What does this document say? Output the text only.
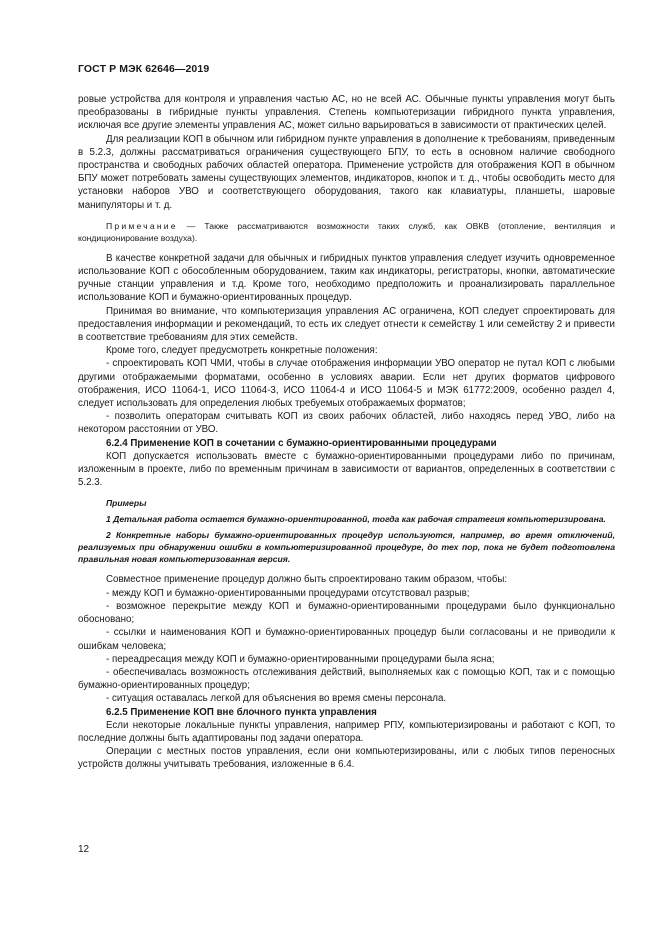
ГОСТ Р МЭК 62646—2019

ровые устройства для контроля и управления частью АС, но не всей АС. Обычные пункты управления могут быть преобразованы в гибридные пункты управления. Степень компьютеризации гибридного пункта управления, исключая все другие элементы управления АС, может сильно варьироваться в зависимости от практических целей.

Для реализации КОП в обычном или гибридном пункте управления в дополнение к требованиям, приведенным в 5.2.3, должны рассматриваться ограничения существующего БПУ, то есть в основном наличие свободного пространства и свободных рабочих областей оператора. Применение устройств для отображения КОП в обычном БПУ может потребовать замены существующих элементов, индикаторов, кнопок и т. д., чтобы освободить место для установки наборов УВО и соответствующего оборудования, такого как клавиатуры, планшеты, шаровые манипуляторы и т. д.

Примечание — Также рассматриваются возможности таких служб, как ОВКВ (отопление, вентиляция и кондиционирование воздуха).

В качестве конкретной задачи для обычных и гибридных пунктов управления следует изучить одновременное использование КОП с обособленным оборудованием, таким как индикаторы, регистраторы, кнопки, автоматические ручные станции управления и т.д. Кроме того, необходимо предположить и проанализировать параллельное использование КОП и бумажно-ориентированных процедур.

Принимая во внимание, что компьютеризация управления АС ограничена, КОП следует спроектировать для предоставления информации и рекомендаций, то есть их следует отнести к семейству 1 или семейству 2 и привести в соответствие требованиям для этих семейств.

Кроме того, следует предусмотреть конкретные положения:

- спроектировать КОП ЧМИ, чтобы в случае отображения информации УВО оператор не путал КОП с любыми другими отображаемыми форматами, особенно в условиях аварии. Если нет других форматов цифрового отображения, ИСО 11064-1, ИСО 11064-3, ИСО 11064-4 и ИСО 11064-5 и МЭК 61772:2009, особенно раздел 4, следует использовать для определения любых требуемых отображаемых форматов;

- позволить операторам считывать КОП из своих рабочих областей, либо находясь перед УВО, либо на некотором расстоянии от УВО.

6.2.4 Применение КОП в сочетании с бумажно-ориентированными процедурами

КОП допускается использовать вместе с бумажно-ориентированными процедурами либо по причинам, изложенным в проекте, либо по временным причинам в зависимости от вариантов, определенных в соответствии с 5.2.3.

Примеры

1 Детальная работа остается бумажно-ориентированной, тогда как рабочая стратегия компьютеризирована.

2 Конкретные наборы бумажно-ориентированных процедур используются, например, во время отключений, реализуемых при обнаружении ошибки в компьютеризированной процедуре, до тех пор, пока не будет подготовлена правильная новая компьютеризованная версия.

Совместное применение процедур должно быть спроектировано таким образом, чтобы:

- между КОП и бумажно-ориентированными процедурами отсутствовал разрыв;

- возможное перекрытие между КОП и бумажно-ориентированными процедурами было функционально обосновано;

- ссылки и наименования КОП и бумажно-ориентированных процедур были согласованы и не приводили к ошибкам человека;

- переадресация между КОП и бумажно-ориентированными процедурами была ясна;

- обеспечивалась возможность отслеживания действий, выполняемых как с помощью КОП, так и с помощью бумажно-ориентированных процедур;

- ситуация оставалась легкой для объяснения во время смены персонала.

6.2.5 Применение КОП вне блочного пункта управления

Если некоторые локальные пункты управления, например РПУ, компьютеризированы и работают с КОП, то последние должны быть адаптированы под задачи оператора.

Операции с местных постов управления, если они компьютеризированы, или с любых типов переносных устройств должны учитывать требования, изложенные в 6.4.

12
